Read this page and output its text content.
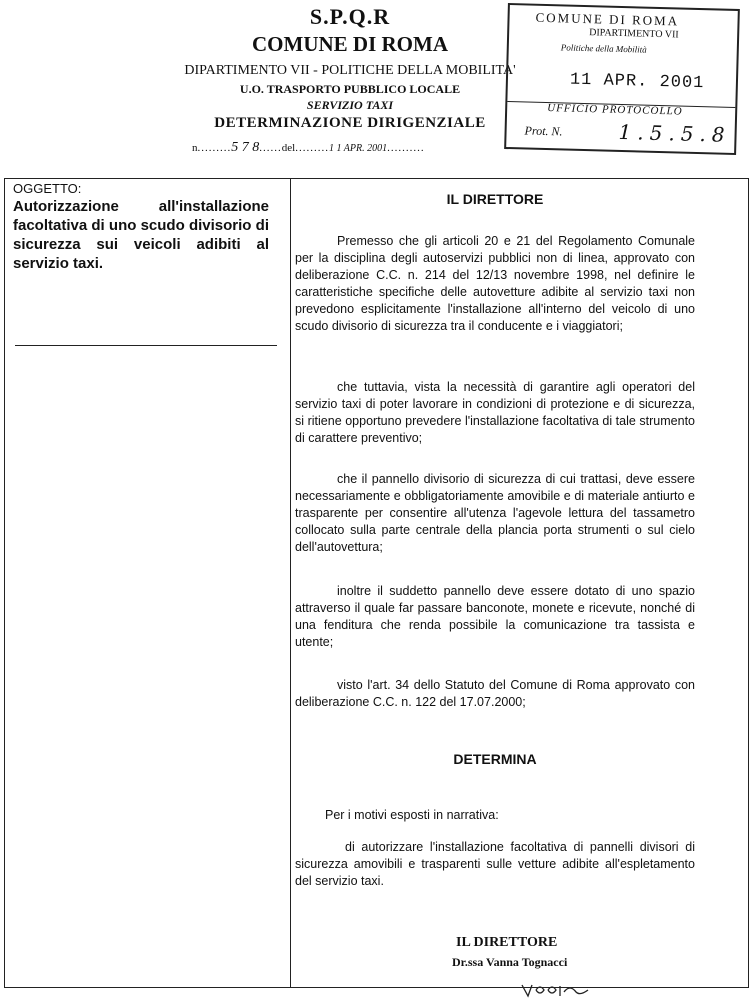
S.P.Q.R
COMUNE DI ROMA
DIPARTIMENTO VII - POLITICHE DELLA MOBILITA'
U.O. TRASPORTO PUBBLICO LOCALE
SERVIZIO TAXI
DETERMINAZIONE DIRIGENZIALE
n.........5 7 8......del.........1 1 APR. 2001..........
COMUNE DI ROMA
DIPARTIMENTO VII
Politiche della Mobilità
11 APR. 2001
UFFICIO PROTOCOLLO
Prot. N.	1.5.5.8
OGGETTO:
Autorizzazione all'installazione facoltativa di uno scudo divisorio di sicurezza sui veicoli adibiti al servizio taxi.
IL DIRETTORE
Premesso che gli articoli 20 e 21 del Regolamento Comunale per la disciplina degli autoservizi pubblici non di linea, approvato con deliberazione C.C. n. 214 del 12/13 novembre 1998, nel definire le caratteristiche specifiche delle autovetture adibite al servizio taxi non prevedono esplicitamente l'installazione all'interno del veicolo di uno scudo divisorio di sicurezza tra il conducente e i viaggiatori;
che tuttavia, vista la necessità di garantire agli operatori del servizio taxi di poter lavorare in condizioni di protezione e di sicurezza, si ritiene opportuno prevedere l'installazione facoltativa di tale strumento di carattere preventivo;
che il pannello divisorio di sicurezza di cui trattasi, deve essere necessariamente e obbligatoriamente amovibile e di materiale antiurto e trasparente per consentire all'utenza l'agevole lettura del tassametro collocato sulla parte centrale della plancia porta strumenti o sul cielo dell'autovettura;
inoltre il suddetto pannello deve essere dotato di uno spazio attraverso il quale far passare banconote, monete e ricevute, nonché di una fenditura che renda possibile la comunicazione tra tassista e utente;
visto l'art. 34 dello Statuto del Comune di Roma approvato con deliberazione C.C. n. 122 del 17.07.2000;
DETERMINA
Per i motivi esposti in narrativa:
di autorizzare l'installazione facoltativa di pannelli divisori di sicurezza amovibili e trasparenti sulle vetture adibite all'espletamento del servizio taxi.
IL DIRETTORE
Dr.ssa Vanna Tognacci
